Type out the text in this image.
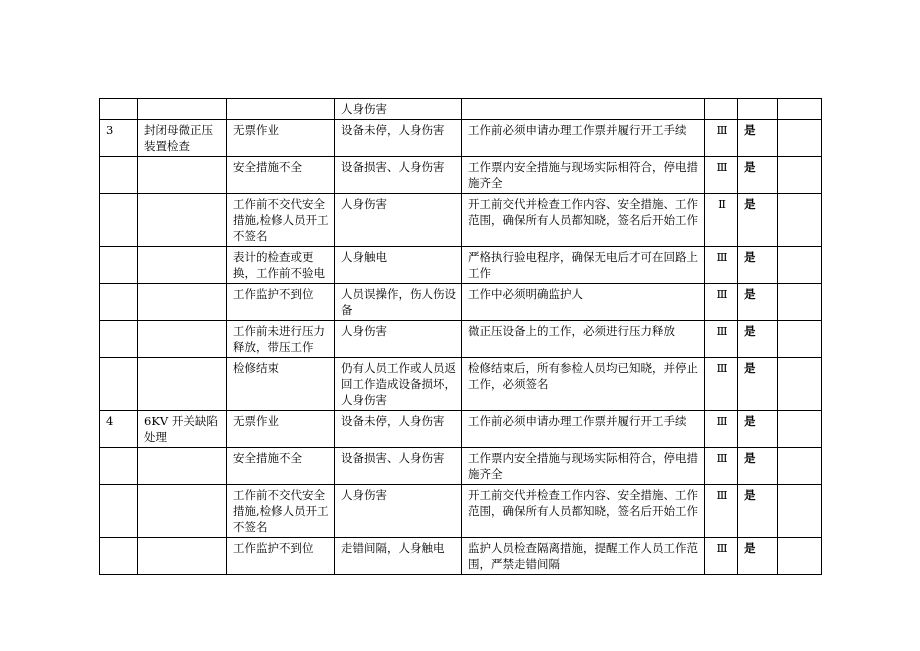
			人身伤害				
3	封闭母微正压装置检查	无票作业	设备未停，人身伤害	工作前必须申请办理工作票并履行开工手续	Ⅲ	是	
		安全措施不全	设备损害、人身伤害	工作票内安全措施与现场实际相符合，停电措施齐全	Ⅲ	是	
		工作前不交代安全措施,检修人员开工不签名	人身伤害	开工前交代并检查工作内容、安全措施、工作范围，确保所有人员都知晓，签名后开始工作	Ⅱ	是	
		表计的检查或更换，工作前不验电	人身触电	严格执行验电程序，确保无电后才可在回路上工作	Ⅲ	是	
		工作监护不到位	人员误操作，伤人伤设备	工作中必须明确监护人	Ⅲ	是	
		工作前未进行压力释放，带压工作	人身伤害	微正压设备上的工作，必须进行压力释放	Ⅲ	是	
		检修结束	仍有人员工作或人员返回工作造成设备损坏，人身伤害	检修结束后，所有参检人员均已知晓，并停止工作，必须签名	Ⅲ	是	
4	6KV 开关缺陷处理	无票作业	设备未停，人身伤害	工作前必须申请办理工作票并履行开工手续	Ⅲ	是	
		安全措施不全	设备损害、人身伤害	工作票内安全措施与现场实际相符合，停电措施齐全	Ⅲ	是	
		工作前不交代安全措施,检修人员开工不签名	人身伤害	开工前交代并检查工作内容、安全措施、工作范围，确保所有人员都知晓，签名后开始工作	Ⅲ	是	
		工作监护不到位	走错间隔，人身触电	监护人员检查隔离措施，提醒工作人员工作范围，严禁走错间隔	Ⅲ	是	
